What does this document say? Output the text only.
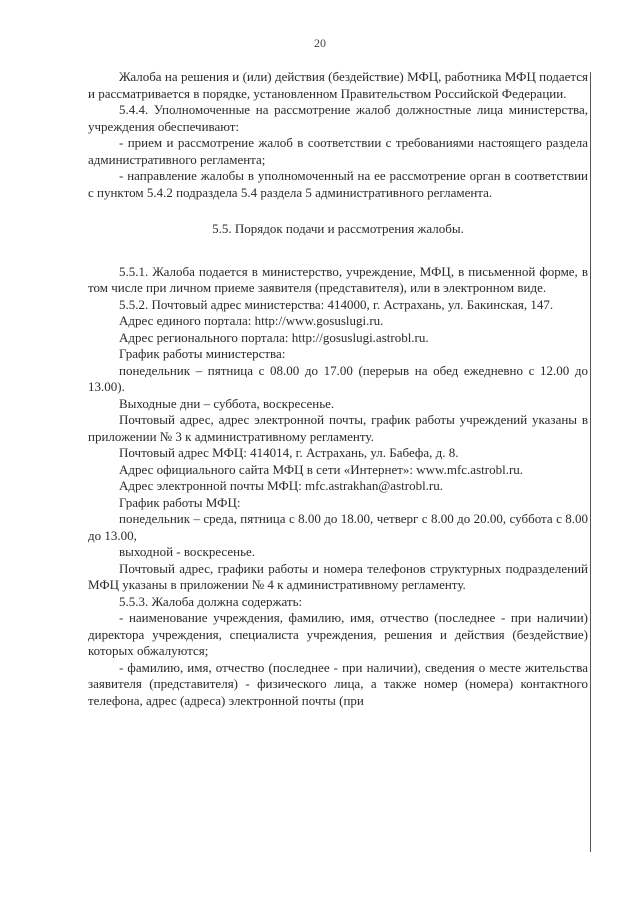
20

Жалоба на решения и (или) действия (бездействие) МФЦ, работника МФЦ подается и рассматривается в порядке, установленном Правительством Российской Федерации.

5.4.4. Уполномоченные на рассмотрение жалоб должностные лица министерства, учреждения обеспечивают:

- прием и рассмотрение жалоб в соответствии с требованиями настоящего раздела административного регламента;

- направление жалобы в уполномоченный на ее рассмотрение орган в соответствии с пунктом 5.4.2 подраздела 5.4 раздела 5 административного регламента.

5.5. Порядок подачи и рассмотрения жалобы.

5.5.1. Жалоба подается в министерство, учреждение, МФЦ, в письменной форме, в том числе при личном приеме заявителя (представителя), или в электронном виде.

5.5.2. Почтовый адрес министерства: 414000, г. Астрахань, ул. Бакинская, 147.

Адрес единого портала: http://www.gosuslugi.ru.

Адрес регионального портала: http://gosuslugi.astrobl.ru.

График работы министерства:

понедельник – пятница с 08.00 до 17.00 (перерыв на обед ежедневно с 12.00 до 13.00).

Выходные дни – суббота, воскресенье.

Почтовый адрес, адрес электронной почты, график работы учреждений указаны в приложении № 3 к административному регламенту.

Почтовый адрес МФЦ: 414014, г. Астрахань, ул. Бабефа, д. 8.

Адрес официального сайта МФЦ в сети «Интернет»: www.mfc.astrobl.ru.

Адрес электронной почты МФЦ: mfc.astrakhan@astrobl.ru.

График работы МФЦ:

понедельник – среда, пятница с 8.00 до 18.00, четверг с 8.00 до 20.00, суббота с 8.00 до 13.00,

выходной - воскресенье.

Почтовый адрес, графики работы и номера телефонов структурных подразделений МФЦ указаны в приложении № 4 к административному регламенту.

5.5.3. Жалоба должна содержать:

- наименование учреждения, фамилию, имя, отчество (последнее - при наличии) директора учреждения, специалиста учреждения, решения и действия (бездействие) которых обжалуются;

- фамилию, имя, отчество (последнее - при наличии), сведения о месте жительства заявителя (представителя) - физического лица, а также номер (номера) контактного телефона, адрес (адреса) электронной почты (при
